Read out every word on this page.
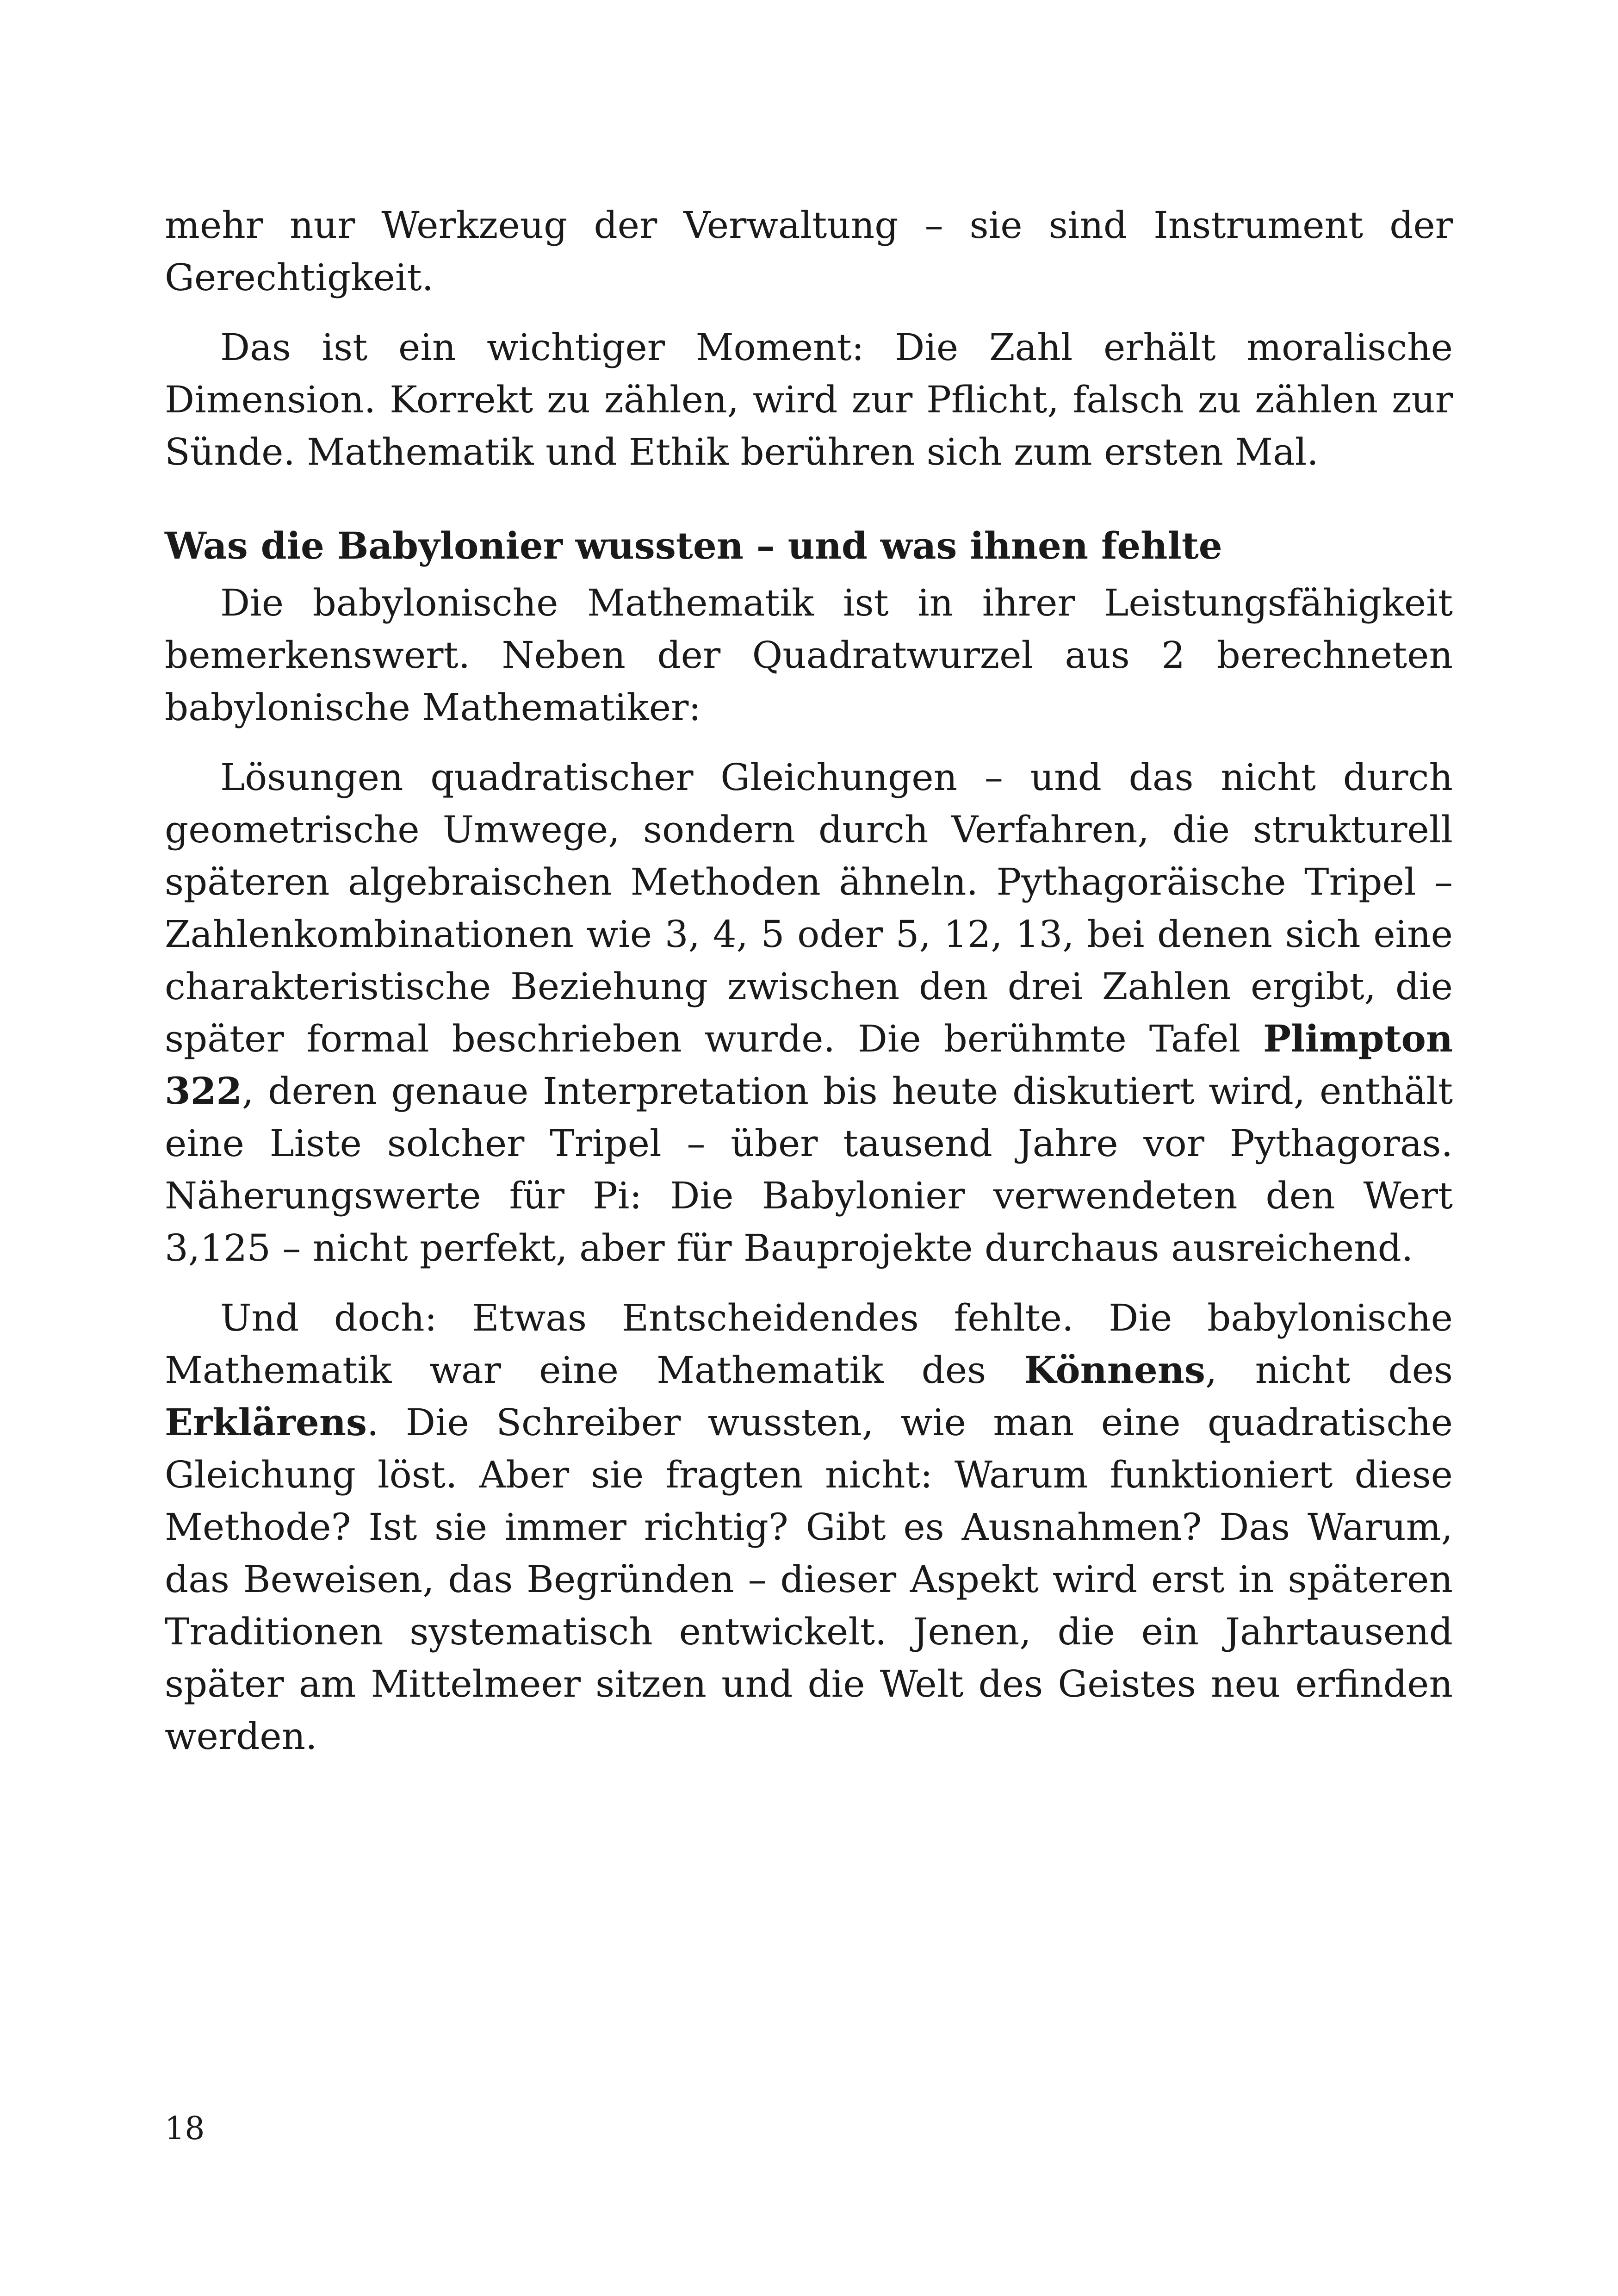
mehr nur Werkzeug der Verwaltung – sie sind Instrument der Gerechtigkeit.

Das ist ein wichtiger Moment: Die Zahl erhält moralische Dimension. Korrekt zu zählen, wird zur Pflicht, falsch zu zählen zur Sünde. Mathematik und Ethik berühren sich zum ersten Mal.

Was die Babylonier wussten – und was ihnen fehlte

Die babylonische Mathematik ist in ihrer Leistungsfähigkeit bemerkenswert. Neben der Quadratwurzel aus 2 berechneten babylonische Mathematiker:

Lösungen quadratischer Gleichungen – und das nicht durch geometrische Umwege, sondern durch Verfahren, die strukturell späteren algebraischen Methoden ähneln. Pythagoräische Tripel – Zahlenkombinationen wie 3, 4, 5 oder 5, 12, 13, bei denen sich eine charakteristische Beziehung zwischen den drei Zahlen ergibt, die später formal beschrieben wurde. Die berühmte Tafel Plimpton 322, deren genaue Interpretation bis heute diskutiert wird, enthält eine Liste solcher Tripel – über tausend Jahre vor Pythagoras. Näherungswerte für Pi: Die Babylonier verwendeten den Wert 3,125 – nicht perfekt, aber für Bauprojekte durchaus ausreichend.

Und doch: Etwas Entscheidendes fehlte. Die babylonische Mathematik war eine Mathematik des Könnens, nicht des Erklärens. Die Schreiber wussten, wie man eine quadratische Gleichung löst. Aber sie fragten nicht: Warum funktioniert diese Methode? Ist sie immer richtig? Gibt es Ausnahmen? Das Warum, das Beweisen, das Begründen – dieser Aspekt wird erst in späteren Traditionen systematisch entwickelt. Jenen, die ein Jahrtausend später am Mittelmeer sitzen und die Welt des Geistes neu erfinden werden.

18
